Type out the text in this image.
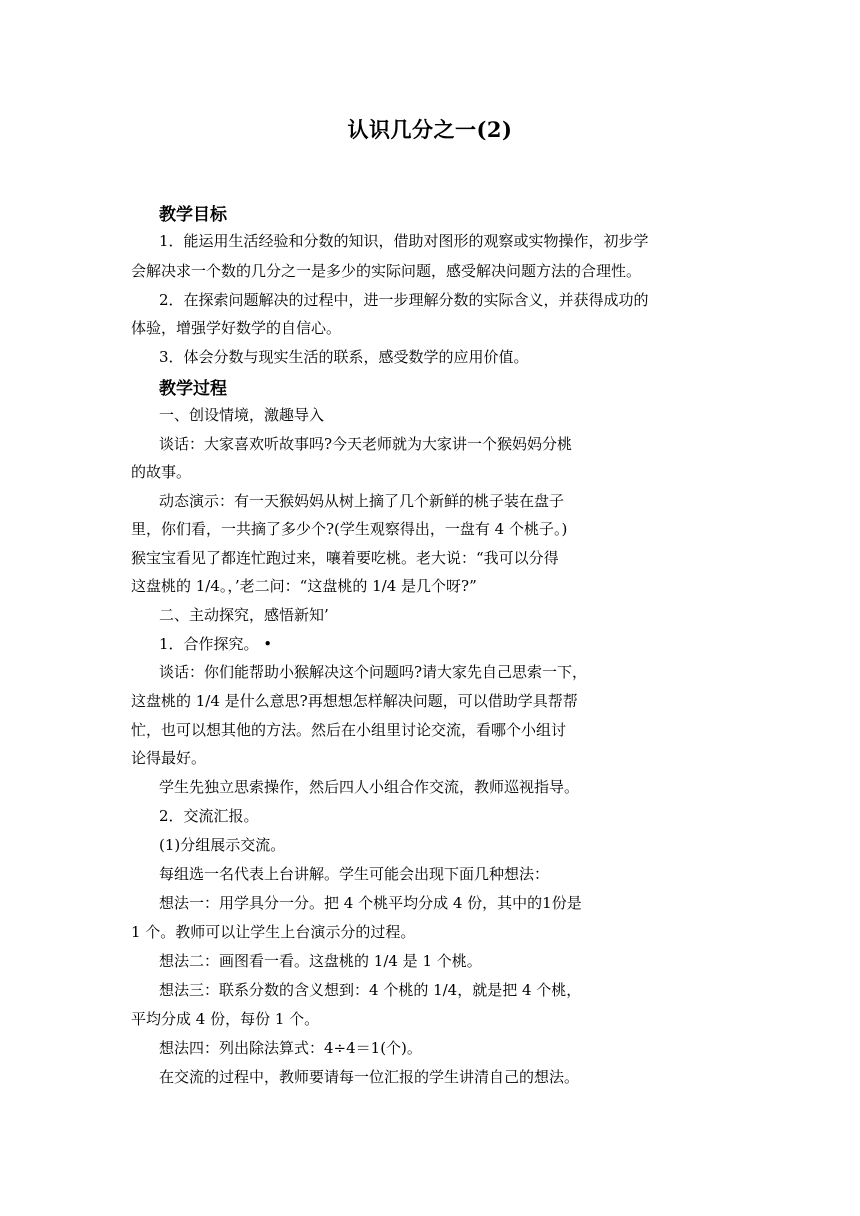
认识几分之一(2)
教学目标
1．能运用生活经验和分数的知识，借助对图形的观察或实物操作，初步学
会解决求一个数的几分之一是多少的实际问题，感受解决问题方法的合理性。
2．在探索问题解决的过程中，进一步理解分数的实际含义，并获得成功的
体验，增强学好数学的自信心。
3．体会分数与现实生活的联系，感受数学的应用价值。
教学过程
一、创设情境，激趣导入
谈话：大家喜欢听故事吗?今天老师就为大家讲一个猴妈妈分桃
的故事。
动态演示：有一天猴妈妈从树上摘了几个新鲜的桃子装在盘子
里，你们看，一共摘了多少个?(学生观察得出，一盘有 4 个桃子。)
猴宝宝看见了都连忙跑过来，嚷着要吃桃。老大说：“我可以分得
这盘桃的 1/4。，’老二问：“这盘桃的 1/4 是几个呀?”
二、主动探究，感悟新知’
1．合作探究。 •
谈话：你们能帮助小猴解决这个问题吗?请大家先自己思索一下，
这盘桃的 1/4 是什么意思?再想想怎样解决问题，可以借助学具帮帮
忙，也可以想其他的方法。然后在小组里讨论交流，看哪个小组讨
论得最好。
学生先独立思索操作，然后四人小组合作交流，教师巡视指导。
2．交流汇报。
(1)分组展示交流。
每组选一名代表上台讲解。学生可能会出现下面几种想法：
想法一：用学具分一分。把 4 个桃平均分成 4 份，其中的1份是
1 个。教师可以让学生上台演示分的过程。
想法二：画图看一看。这盘桃的 1/4 是 1 个桃。
想法三：联系分数的含义想到：4 个桃的 1/4，就是把 4 个桃，
平均分成 4 份，每份 1 个。
想法四：列出除法算式：4÷4＝1(个)。
在交流的过程中，教师要请每一位汇报的学生讲清自己的想法。
